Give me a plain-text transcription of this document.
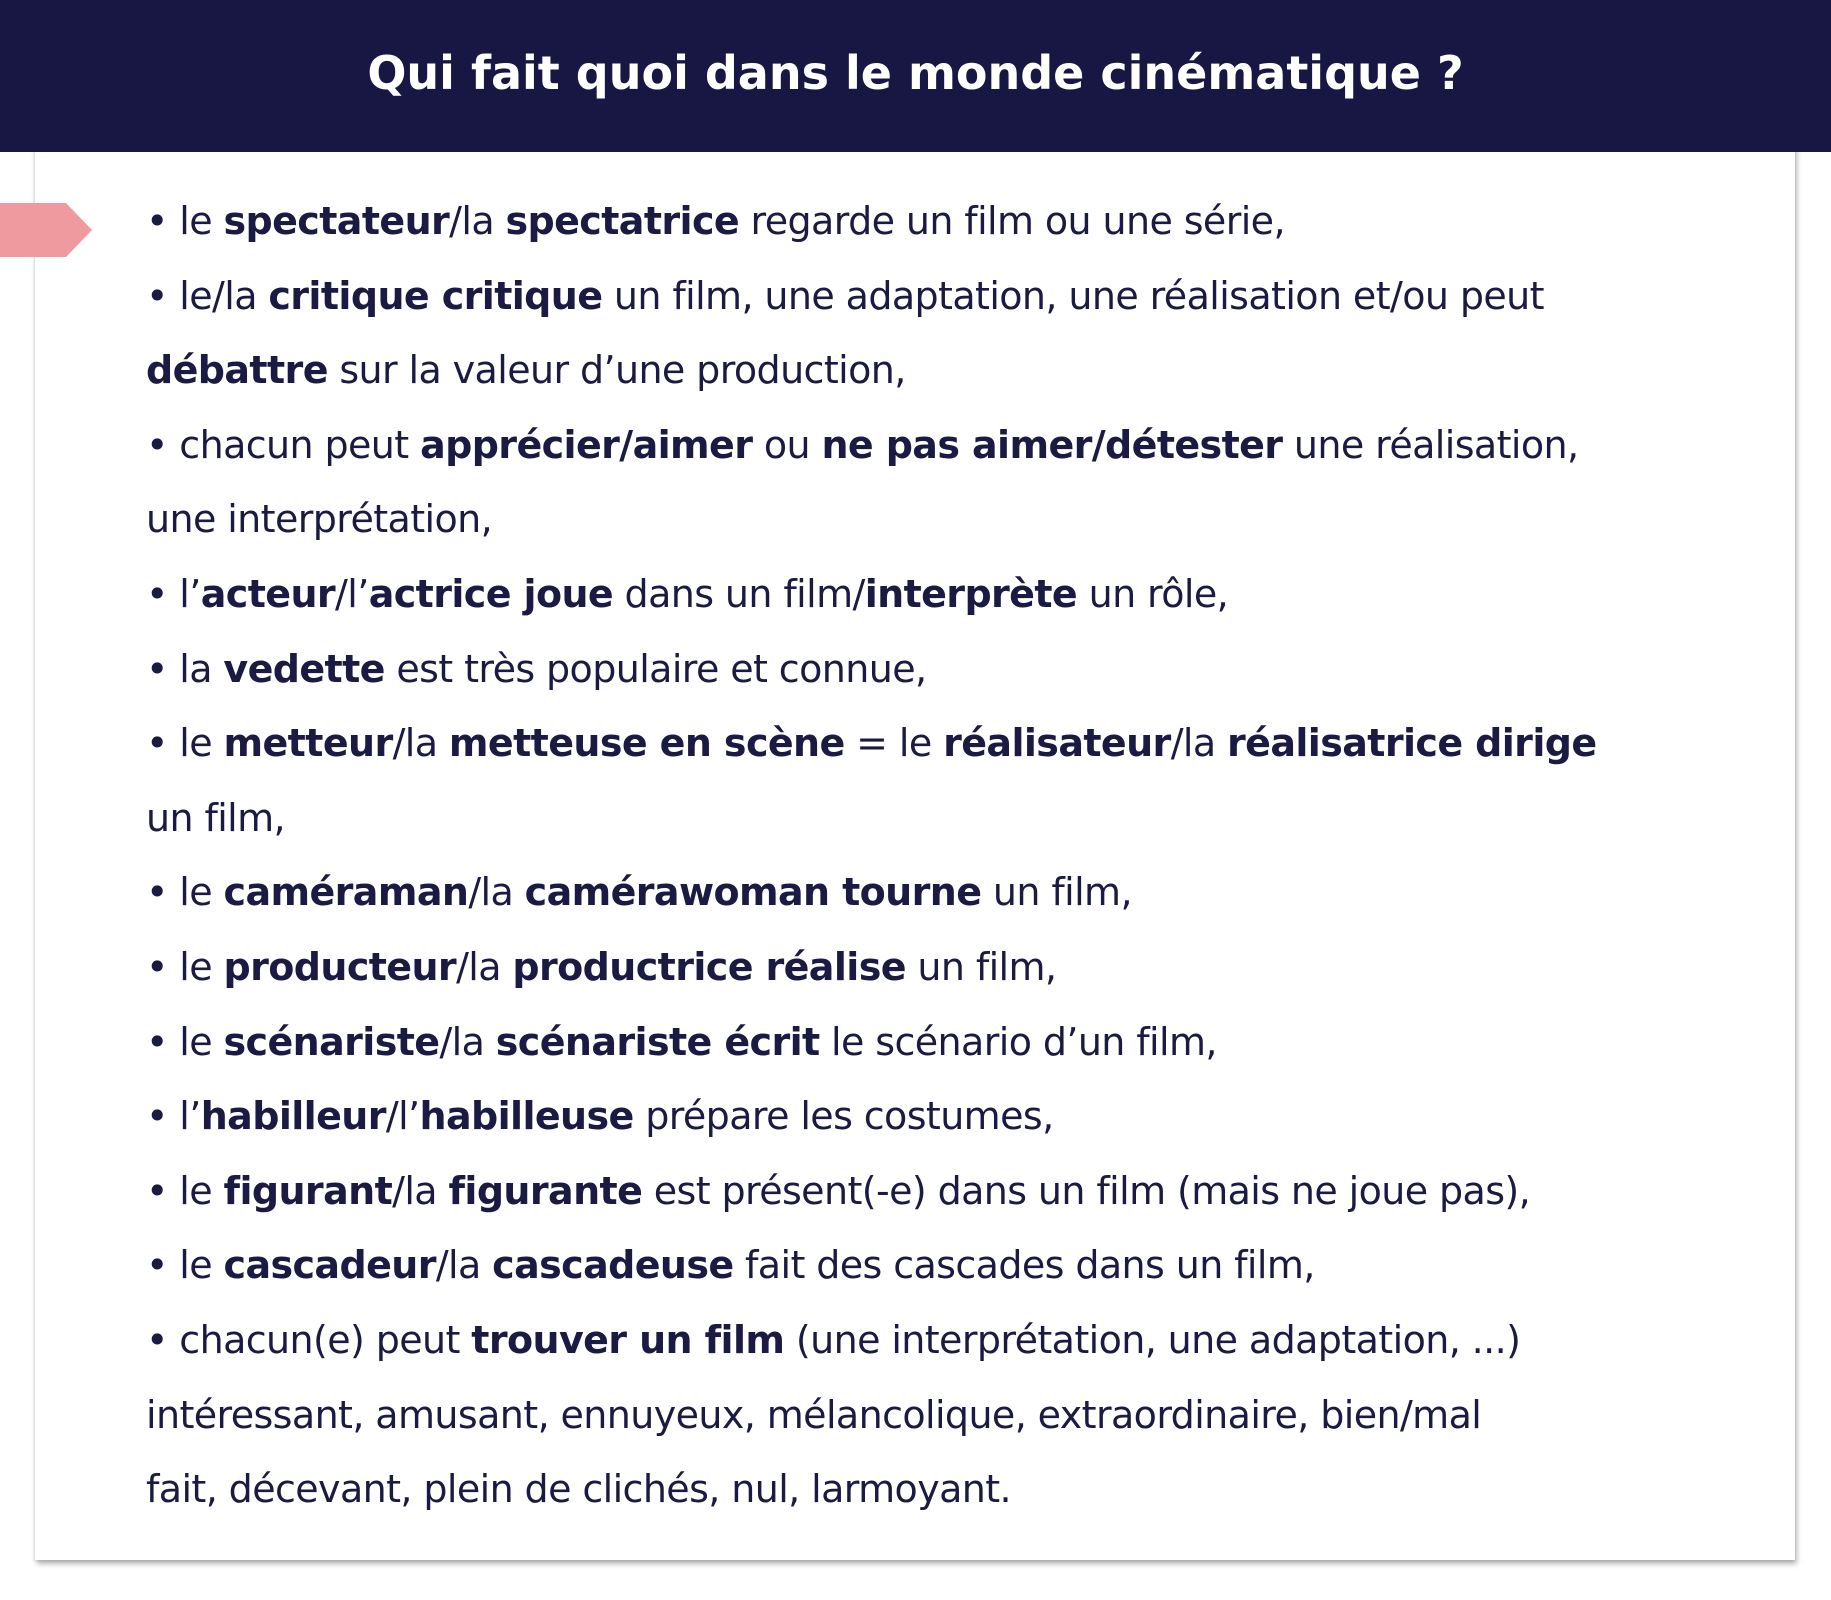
Qui fait quoi dans le monde cinématique ?
• le spectateur/la spectatrice regarde un film ou une série,
• le/la critique critique un film, une adaptation, une réalisation et/ou peut
débattre sur la valeur d’une production,
• chacun peut apprécier/aimer ou ne pas aimer/détester une réalisation,
une interprétation,
• l’acteur/l’actrice joue dans un film/interprète un rôle,
• la vedette est très populaire et connue,
• le metteur/la metteuse en scène = le réalisateur/la réalisatrice dirige
un film,
• le caméraman/la camérawoman tourne un film,
• le producteur/la productrice réalise un film,
• le scénariste/la scénariste écrit le scénario d’un film,
• l’habilleur/l’habilleuse prépare les costumes,
• le figurant/la figurante est présent(-e) dans un film (mais ne joue pas),
• le cascadeur/la cascadeuse fait des cascades dans un film,
• chacun(e) peut trouver un film (une interprétation, une adaptation, ...)
intéressant, amusant, ennuyeux, mélancolique, extraordinaire, bien/mal
fait, décevant, plein de clichés, nul, larmoyant.
